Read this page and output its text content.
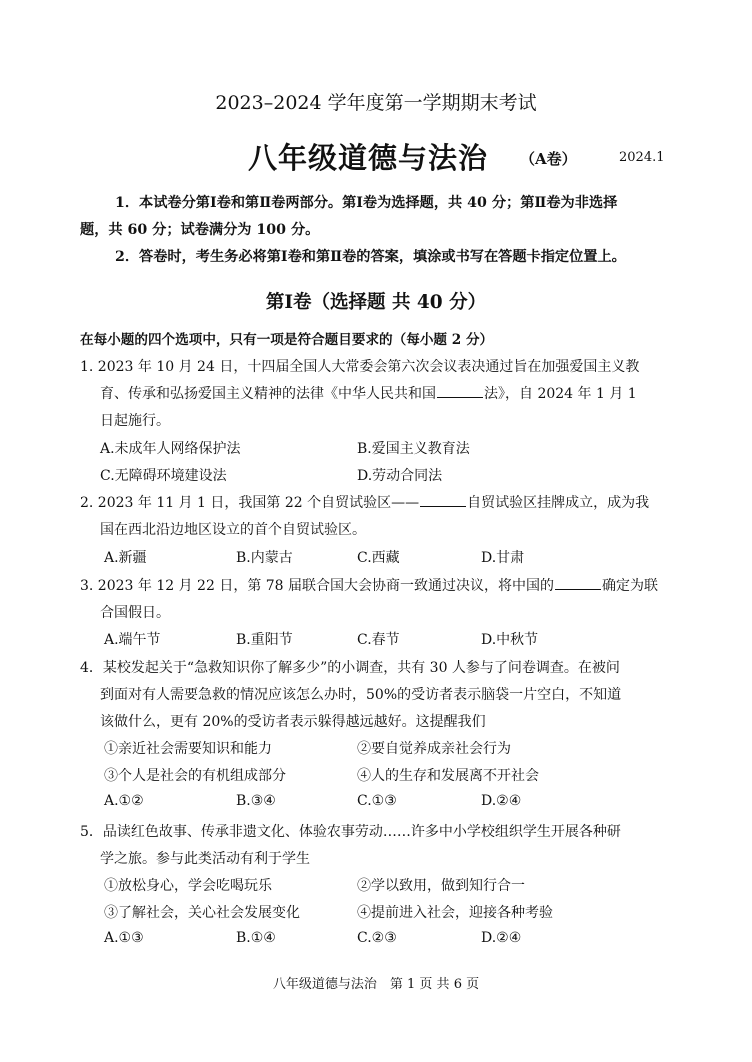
2023–2024 学年度第一学期期末考试
八年级道德与法治 （A卷）	2024.1
1．本试卷分第Ⅰ卷和第Ⅱ卷两部分。第Ⅰ卷为选择题，共 40 分；第Ⅱ卷为非选择
题，共 60 分；试卷满分为 100 分。
2．答卷时，考生务必将第Ⅰ卷和第Ⅱ卷的答案，填涂或书写在答题卡指定位置上。
第Ⅰ卷（选择题 共 40 分）
在每小题的四个选项中，只有一项是符合题目要求的（每小题 2 分）
1. 2023 年 10 月 24 日，十四届全国人大常委会第六次会议表决通过旨在加强爱国主义教
育、传承和弘扬爱国主义精神的法律《中华人民共和国	法》，自 2024 年 1 月 1
日起施行。
A.未成年人网络保护法	B.爱国主义教育法
C.无障碍环境建设法	D.劳动合同法
2. 2023 年 11 月 1 日，我国第 22 个自贸试验区——	自贸试验区挂牌成立，成为我
国在西北沿边地区设立的首个自贸试验区。
A.新疆	B.内蒙古	C.西藏	D.甘肃
3. 2023 年 12 月 22 日，第 78 届联合国大会协商一致通过决议，将中国的	确定为联
合国假日。
A.端午节	B.重阳节	C.春节	D.中秋节
4．某校发起关于“急救知识你了解多少”的小调查，共有 30 人参与了问卷调查。在被问
到面对有人需要急救的情况应该怎么办时，50%的受访者表示脑袋一片空白，不知道
该做什么，更有 20%的受访者表示躲得越远越好。这提醒我们
①亲近社会需要知识和能力	②要自觉养成亲社会行为
③个人是社会的有机组成部分	④人的生存和发展离不开社会
A.①②	B.③④	C.①③	D.②④
5．品读红色故事、传承非遗文化、体验农事劳动……许多中小学校组织学生开展各种研
学之旅。参与此类活动有利于学生
①放松身心，学会吃喝玩乐	②学以致用，做到知行合一
③了解社会，关心社会发展变化	④提前进入社会，迎接各种考验
A.①③	B.①④	C.②③	D.②④
八年级道德与法治　第 1 页 共 6 页
